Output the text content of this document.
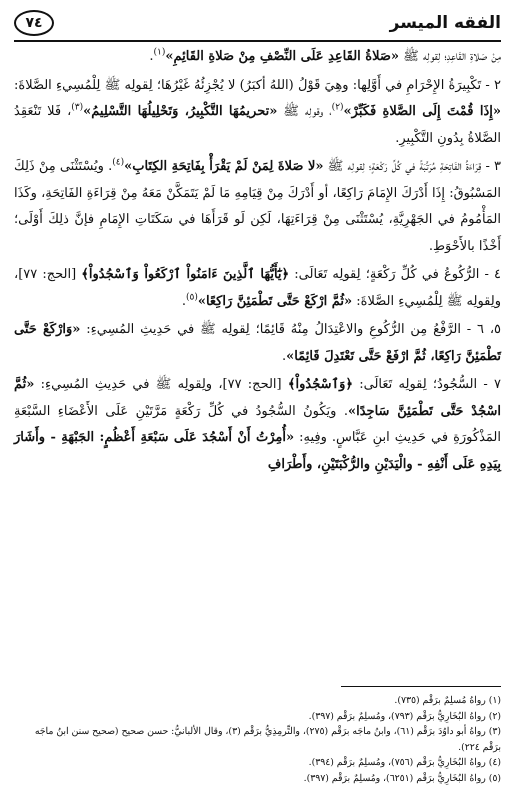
الفقه الميسر
٧٤

مِنْ صَلاةِ القَاعِدِ؛ لِقولِه ﷺ «صَلاةُ القَاعِدِ عَلَى النِّصْفِ مِنْ صَلاةِ القَائِمِ»$^{(١)}$.

٢ - تَكْبِيرَةُ الإِحْرَامِ في أَوَّلِها: وهِيَ قَوْلُ (اللهُ أكبَرُ) لا يُجْزِئُهُ غَيْرُهَا؛ لِقولِه ﷺ لِلْمُسِيءِ الصَّلاةَ: «إِذَا قُمْتَ إِلَى الصَّلاةِ فَكَبِّرْ»$^{(٢)}$، وقولِه ﷺ «تحريمُهَا التَّكْبِيرُ، وَتَحْلِيلُهَا التَّسْلِيمُ»$^{(٣)}$، فَلا تَنْعَقِدُ الصَّلاةُ بِدُونِ التَّكْبِيرِ.

٣ - قِرَاءَةُ الفَاتِحَةِ مُرَتَّبَةً في كُلِّ رَكْعَةٍ؛ لِقولِه ﷺ «لا صَلاةَ لِمَنْ لَمْ يَقْرَأْ بِفَاتِحَةِ الكِتَابِ»$^{(٤)}$. ويُسْتَثْنَى مِنْ ذَلِكَ المَسْبُوقُ: إِذَا أَدْرَكَ الإِمَامَ رَاكِعًا، أو أَدْرَكَ مِنْ قِيَامِهِ مَا لَمْ يَتَمَكَّنْ مَعَهُ مِنْ قِرَاءَةِ الفَاتِحَةِ، وكَذَا المَأْمُومُ في الجَهْرِيَّةِ، يُسْتَثْنَى مِنْ قِرَاءَتِهَا، لَكِن لَو قَرَأَهَا في سَكَتَاتِ الإِمَامِ فإنَّ ذلِكَ أَوْلَى؛ أَخْذًا بالأَحْوَطِ.

٤ - الرُّكُوعُ في كُلِّ رَكْعَةٍ؛ لِقولِه تَعَالَى: ﴿يَٰٓأَيُّهَا ٱلَّذِينَ ءَامَنُواْ ٱرْكَعُواْ وَٱسْجُدُواْ﴾ [الحج: ٧٧]، ولِقولِه ﷺ لِلْمُسِيءِ الصَّلاةَ: «ثُمَّ ارْكَعْ حَتَّى تَطْمَئِنَّ رَاكِعًا»$^{(٥)}$.

٥، ٦ - الرَّفْعُ مِن الرُّكُوعِ والاعْتِدَالُ مِنْهُ قَائِمًا؛ لِقولِه ﷺ في حَدِيثِ المُسِيءِ: «وَارْكَعْ حَتَّى تَطْمَئِنَّ رَاكِعًا، ثُمَّ ارْفَعْ حَتَّى تَعْتَدِلَ قَائِمًا».

٧ - السُّجُودُ؛ لِقولِه تَعَالَى: ﴿وَٱسْجُدُواْ﴾ [الحج: ٧٧]، ولِقولِه ﷺ في حَدِيثِ المُسِيءِ: «ثُمَّ اسْجُدْ حَتَّى تَطْمَئِنَّ سَاجِدًا». ويَكُونُ السُّجُودُ في كُلِّ رَكْعَةٍ مَرَّتَيْنِ عَلَى الأَعْضَاءِ السَّبْعَةِ المَذْكُورَةِ في حَدِيثِ ابنِ عَبَّاسٍ. وفِيهِ: «أُمِرْتُ أَنْ أَسْجُدَ عَلَى سَبْعَةِ أَعْظُمٍ: الجَبْهَةِ - وأَشَارَ بِيَدِهِ عَلَى أَنْفِهِ - والْيَدَيْنِ والرُّكْبَتَيْنِ، وأَطْرَافِ

(١) رواهُ مُسلِمٌ برَقْم (٧٣٥).
(٢) رواهُ البُخَارِيُّ برَقْم (٧٩٣)، ومُسلِمٌ برَقْم (٣٩٧).
(٣) رواهُ أبو داوُدَ برَقْم (٦١)، وابنُ ماجَه برَقْم (٢٧٥)، والتِّرمِذِيُّ برَقْم (٣)، وقال الألبانيُّ: حسن صحيح (صحيح سنن ابنُ ماجَه برَقْم ٢٢٤).
(٤) رواهُ البُخَارِيُّ برَقْم (٧٥٦)، ومُسلِمٌ برَقْم (٣٩٤).
(٥) رواهُ البُخَارِيُّ برَقْم (٦٢٥١)، ومُسلِمٌ برَقْم (٣٩٧).
